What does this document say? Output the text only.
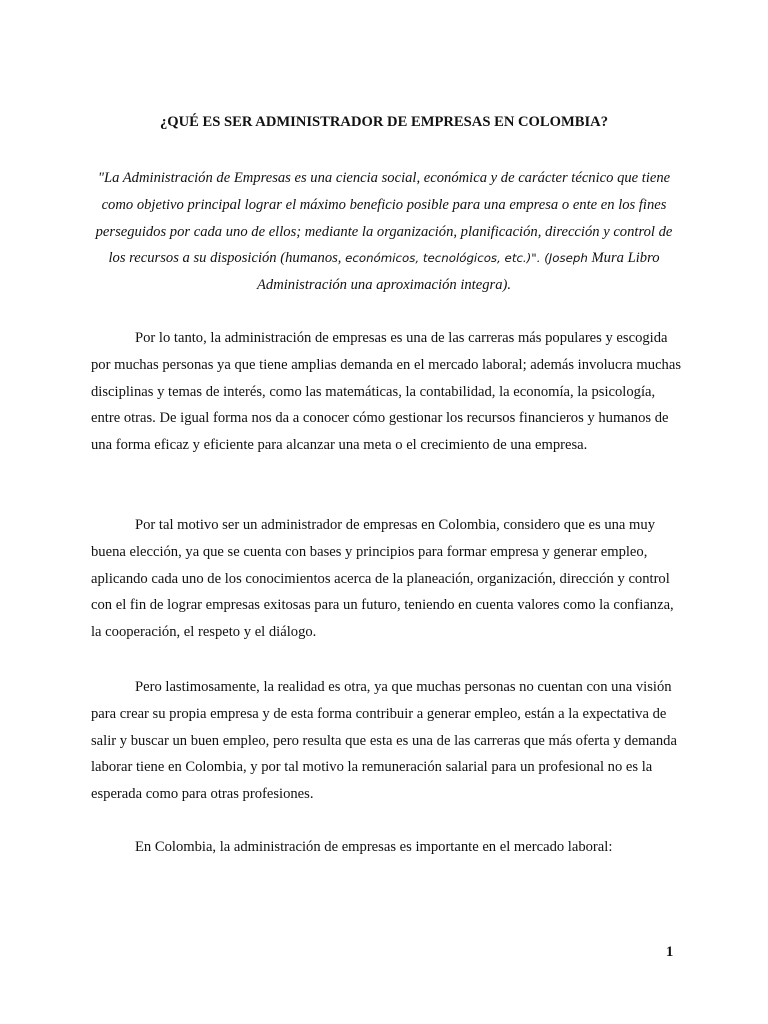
¿QUÉ ES SER ADMINISTRADOR DE EMPRESAS EN COLOMBIA?

"La Administración de Empresas es una ciencia social, económica y de carácter técnico que tiene como objetivo principal lograr el máximo beneficio posible para una empresa o ente en los fines perseguidos por cada uno de ellos; mediante la organización, planificación, dirección y control de los recursos a su disposición (humanos, económicos, tecnológicos, etc.)". (Joseph Mura Libro Administración una aproximación integra).

Por lo tanto, la administración de empresas es una de las carreras más populares y escogida por muchas personas ya que tiene amplias demanda en el mercado laboral; además involucra muchas disciplinas y temas de interés, como las matemáticas, la contabilidad, la economía, la psicología, entre otras. De igual forma nos da a conocer cómo gestionar los recursos financieros y humanos de una forma eficaz y eficiente para alcanzar una meta o el crecimiento de una empresa.

Por tal motivo ser un administrador de empresas en Colombia, considero que es una muy buena elección, ya que se cuenta con bases y principios para formar empresa y generar empleo, aplicando cada uno de los conocimientos acerca de la planeación, organización, dirección y control con el fin de lograr empresas exitosas para un futuro, teniendo en cuenta valores como la confianza, la cooperación, el respeto y el diálogo.

Pero lastimosamente, la realidad es otra, ya que muchas personas no cuentan con una visión para crear su propia empresa y de esta forma contribuir a generar empleo, están a la expectativa de salir y buscar un buen empleo, pero resulta que esta es una de las carreras que más oferta y demanda laborar tiene en Colombia, y por tal motivo la remuneración salarial para un profesional no es la esperada como para otras profesiones.

En Colombia, la administración de empresas es importante en el mercado laboral:

1
